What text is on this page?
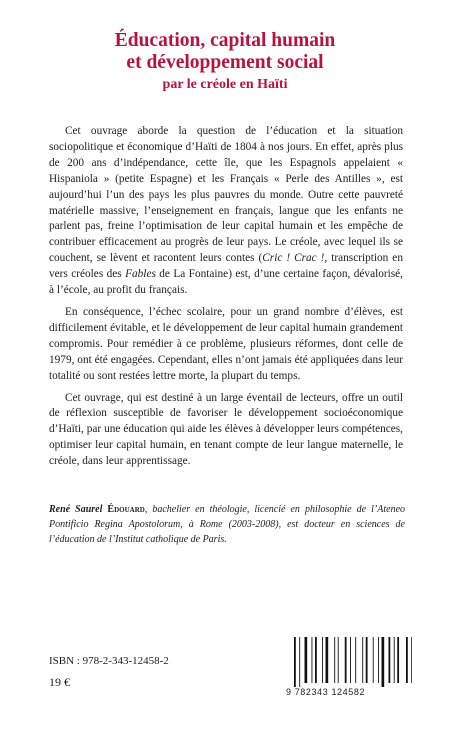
Éducation, capital humain
et développement social
par le créole en Haïti

Cet ouvrage aborde la question de l’éducation et la situation sociopolitique et économique d’Haïti de 1804 à nos jours. En effet, après plus de 200 ans d’indépendance, cette île, que les Espagnols appelaient « Hispaniola » (petite Espagne) et les Français « Perle des Antilles », est aujourd’hui l’un des pays les plus pauvres du monde. Outre cette pauvreté matérielle massive, l’enseignement en français, langue que les enfants ne parlent pas, freine l’optimisation de leur capital humain et les empêche de contribuer efficacement au progrès de leur pays. Le créole, avec lequel ils se couchent, se lèvent et racontent leurs contes (Cric ! Crac !, transcription en vers créoles des Fables de La Fontaine) est, d’une certaine façon, dévalorisé, à l’école, au profit du français.

En conséquence, l’échec scolaire, pour un grand nombre d’élèves, est difficilement évitable, et le développement de leur capital humain grandement compromis. Pour remédier à ce problème, plusieurs réformes, dont celle de 1979, ont été engagées. Cependant, elles n’ont jamais été appliquées dans leur totalité ou sont restées lettre morte, la plupart du temps.

Cet ouvrage, qui est destiné à un large éventail de lecteurs, offre un outil de réflexion susceptible de favoriser le développement socioéconomique d’Haïti, par une éducation qui aide les élèves à développer leurs compétences, optimiser leur capital humain, en tenant compte de leur langue maternelle, le créole, dans leur apprentissage.

René Saurel Édouard, bachelier en théologie, licencié en philosophie de l’Ateneo Pontificio Regina Apostolorum, à Rome (2003-2008), est docteur en sciences de l’éducation de l’Institut catholique de Paris.
ISBN : 978-2-343-12458-2
19 €
9 782343 124582
